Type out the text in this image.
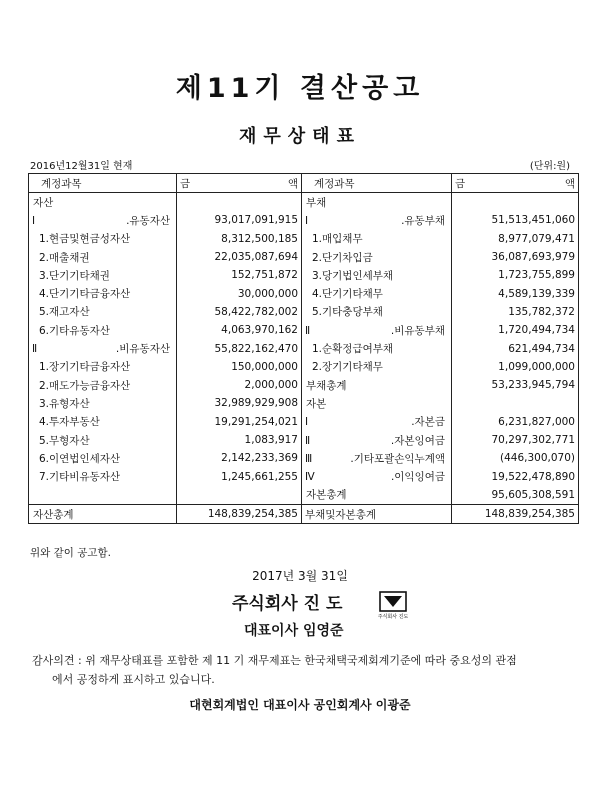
제11기 결산공고
재무상태표
2016년12월31일 현재	(단위:원)
계정과목	금 액	계정과목	금 액

자산		부채	
Ⅰ.유동자산	93,017,091,915	Ⅰ.유동부채	51,513,451,060
1.현금및현금성자산	8,312,500,185	1.매입채무	8,977,079,471
2.매출채권	22,035,087,694	2.단기차입금	36,087,693,979
3.단기기타채권	152,751,872	3.당기법인세부채	1,723,755,899
4.단기기타금융자산	30,000,000	4.단기기타채무	4,589,139,339
5.재고자산	58,422,782,002	5.기타충당부채	135,782,372
6.기타유동자산	4,063,970,162	Ⅱ.비유동부채	1,720,494,734
Ⅱ.비유동자산	55,822,162,470	1.순확정급여부채	621,494,734
1.장기기타금융자산	150,000,000	2.장기기타채무	1,099,000,000
2.매도가능금융자산	2,000,000	부채총계	53,233,945,794
3.유형자산	32,989,929,908	자본	
4.투자부동산	19,291,254,021	Ⅰ.자본금	6,231,827,000
5.무형자산	1,083,917	Ⅱ.자본잉여금	70,297,302,771
6.이연법인세자산	2,142,233,369	Ⅲ.기타포괄손익누계액	(446,300,070)
7.기타비유동자산	1,245,661,255	Ⅳ.이익잉여금	19,522,478,890
		자본총계	95,605,308,591
자산총계	148,839,254,385	부채및자본총계	148,839,254,385
위와 같이 공고함.
2017년 3월 31일
주식회사 진 도
대표이사 임영준
주식회사 진도
감사의견 : 위 재무상태표를 포함한 제 11 기 재무제표는 한국채택국제회계기준에 따라 중요성의 관점
에서 공정하게 표시하고 있습니다.
대현회계법인 대표이사 공인회계사 이광준
